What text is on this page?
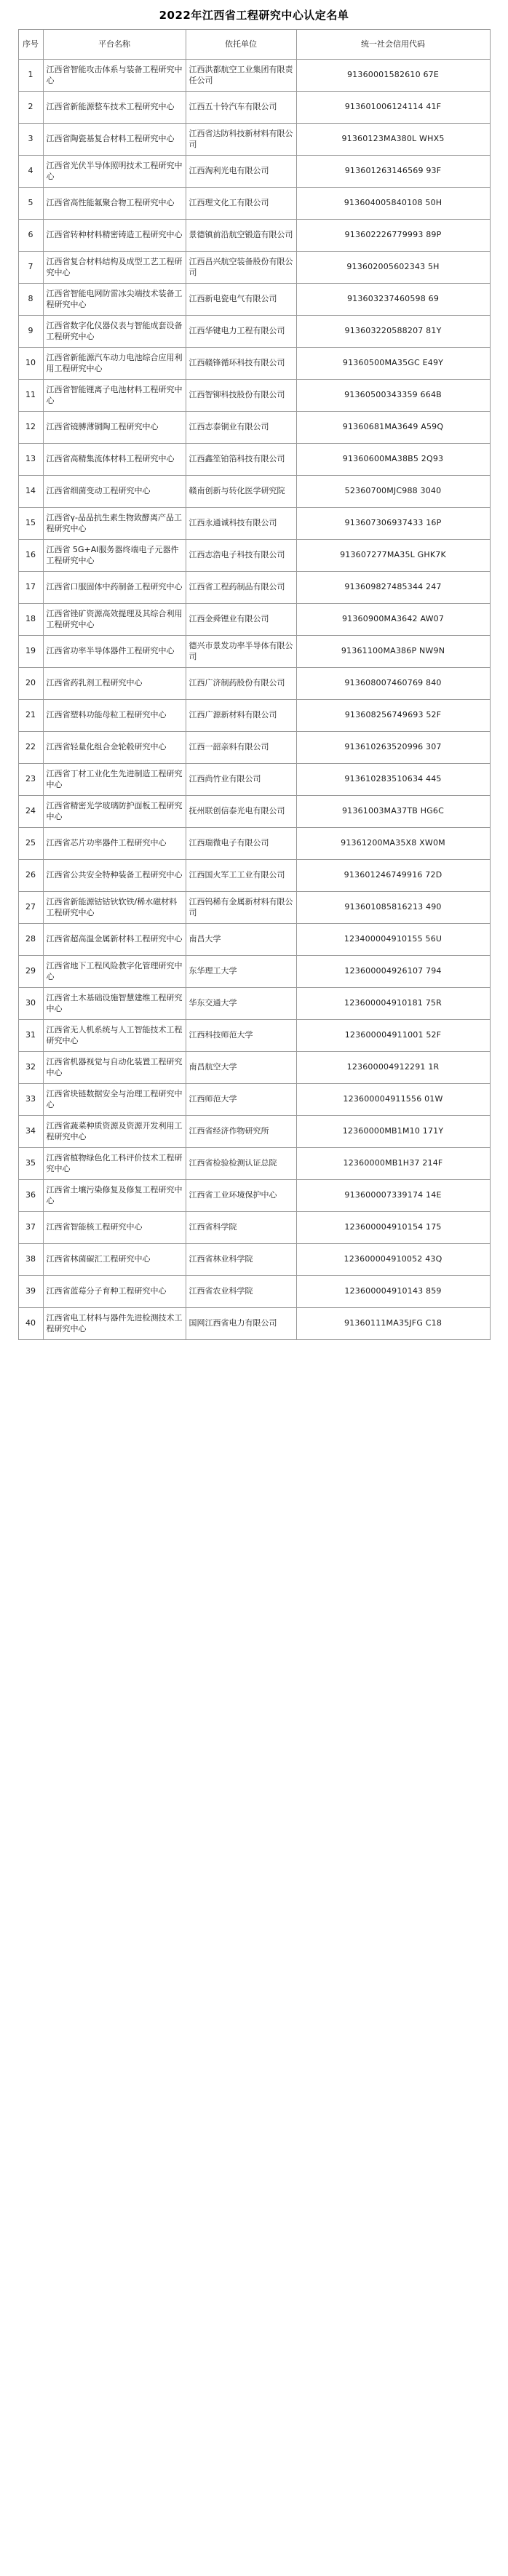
2022年江西省工程研究中心认定名单
序号	平台名称	依托单位	统一社会信用代码
1	江西省智能攻击体系与装备工程研究中心	江西洪都航空工业集团有限责任公司	91360001582610 67E
2	江西省新能源整车技术工程研究中心	江西五十铃汽车有限公司	913601006124114 41F
3	江西省陶瓷基复合材料工程研究中心	江西省达防科技新材料有限公司	91360123MA380L WHX5
4	江西省光伏半导体照明技术工程研究中心	江西淘利光电有限公司	913601263146569 93F
5	江西省高性能氟聚合物工程研究中心	江西理文化工有限公司	913604005840108 50H
6	江西省转种材料精密铸造工程研究中心	景德镇前沿航空锻造有限公司	913602226779993 89P
7	江西省复合材料结构及成型工艺工程研究中心	江西昌兴航空装备股份有限公司	913602005602343 5H
8	江西省智能电网防雷冰尖端技术装备工程研究中心	江西新电瓷电气有限公司	913603237460598 69
9	江西省数字化仪器仪表与智能成套设备工程研究中心	江西华键电力工程有限公司	913603220588207 81Y
10	江西省新能源汽车动力电池综合应用利用工程研究中心	江西赣锋循环科技有限公司	91360500MA35GC E49Y
11	江西省智能锂离子电池材料工程研究中心	江西智铆科技股份有限公司	91360500343359 664B
12	江西省镜膊薄铜陶工程研究中心	江西志泰铜业有限公司	91360681MA3649 A59Q
13	江西省高精集流体材料工程研究中心	江西鑫笙铂箔科技有限公司	91360600MA38B5 2Q93
14	江西省细菌变动工程研究中心	赣南创新与转化医学研究院	52360700MJC988 3040
15	江西省γ-品品抗生素生物致酵离产品工程研究中心	江西永通诚科技有限公司	913607306937433 16P
16	江西省 5G+AI服务器终端电子元器件工程研究中心	江西志浩电子科技有限公司	913607277MA35L GHK7K
17	江西省口服固体中药制备工程研究中心	江西省工程药制品有限公司	913609827485344 247
18	江西省锉矿资源高效提理及其综合利用工程研究中心	江西金舜锂业有限公司	91360900MA3642 AW07
19	江西省功率半导体器件工程研究中心	德兴市景发功率半导体有限公司	91361100MA386P NW9N
20	江西省药乳剂工程研究中心	江西广济制药股份有限公司	913608007460769 840
21	江西省塑料功能母粒工程研究中心	江西广源新材料有限公司	913608256749693 52F
22	江西省轻量化组合金轮毂研究中心	江西一韶亲料有限公司	913610263520996 307
23	江西省丁材工业化生先进制造工程研究中心	江西尚竹业有限公司	913610283510634 445
24	江西省精密光学玻璃防护面板工程研究中心	抚州联创信泰光电有限公司	91361003MA37TB HG6C
25	江西省芯片功率器件工程研究中心	江西瑞微电子有限公司	91361200MA35X8 XW0M
26	江西省公共安全特种装备工程研究中心	江西国火军工工业有限公司	913601246749916 72D
27	江西省新能源钴钴钬软铁/稀水磁材料工程研究中心	江西钨稀有金属新材料有限公司	913601085816213 490
28	江西省超高温金属新材料工程研究中心	南昌大学	123400004910155 56U
29	江西省地下工程风险教字化管理研究中心	东华理工大学	123600004926107 794
30	江西省土木基础设施智慧建维工程研究中心	华东交通大学	123600004910181 75R
31	江西省无人机系统与人工智能技术工程研究中心	江西科技师范大学	123600004911001 52F
32	江西省机器视觉与自动化装置工程研究中心	南昌航空大学	123600004912291 1R
33	江西省块链数据安全与治理工程研究中心	江西师范大学	123600004911556 01W
34	江西省蔬菜种质资源及资源开发利用工程研究中心	江西省经济作物研究所	12360000MB1M10 171Y
35	江西省植物绿色化工科评价技术工程研究中心	江西省检验检测认证总院	12360000MB1H37 214F
36	江西省土壤污染修复及修复工程研究中心	江西省工业环境保护中心	913600007339174 14E
37	江西省智能核工程研究中心	江西省科学院	123600004910154 175
38	江西省林菌碳汇工程研究中心	江西省林业科学院	123600004910052 43Q
39	江西省蓝莓分子育种工程研究中心	江西省农业科学院	123600004910143 859
40	江西省电工材料与器件先进检测技术工程研究中心	国网江西省电力有限公司	91360111MA35JFG C18
